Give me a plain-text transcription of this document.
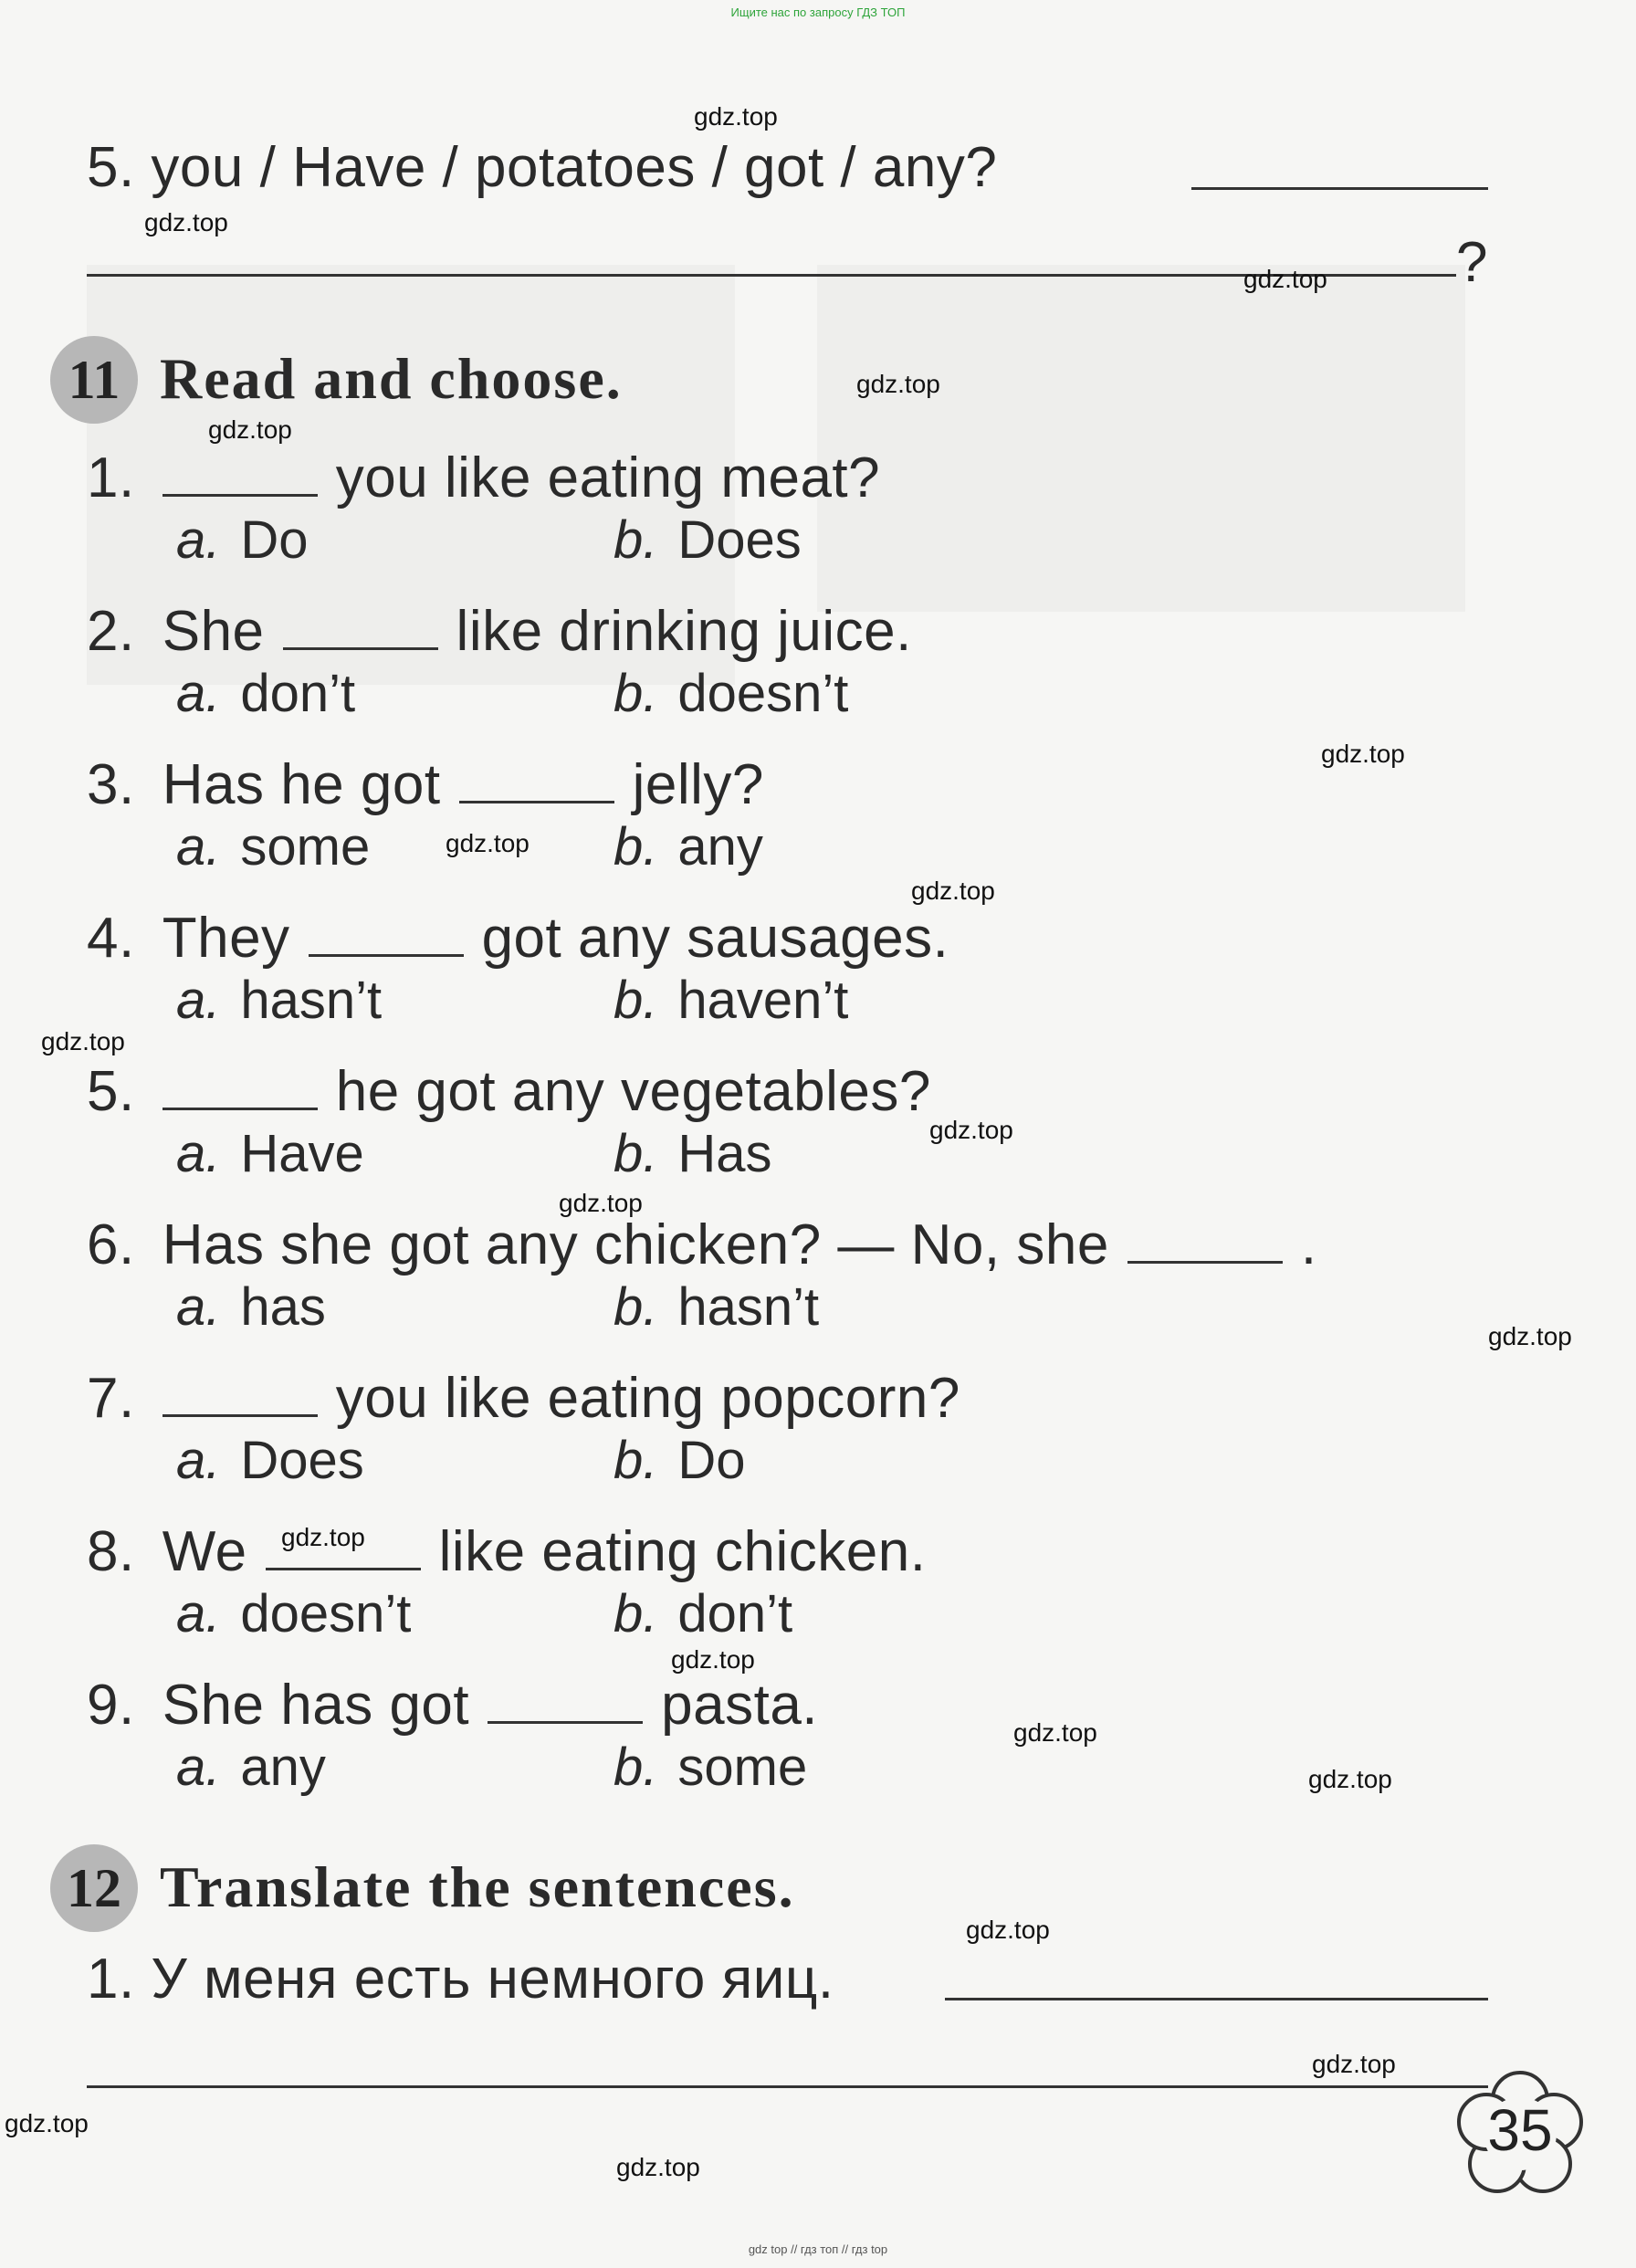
Ищите нас по запросу ГДЗ ТОП
5. you / Have / potatoes / got / any?
?
11 Read and choose.
1.	you like eating meat?
a. Do	b. Does
2. She	like drinking juice.
a. don’t	b. doesn’t
3. Has he got	jelly?
a. some	b. any
4. They	got any sausages.
a. hasn’t	b. haven’t
5.	he got any vegetables?
a. Have	b. Has
6. Has she got any chicken? — No, she	.
a. has	b. hasn’t
7.	you like eating popcorn?
a. Does	b. Do
8. We	like eating chicken.
a. doesn’t	b. don’t
9. She has got	pasta.
a. any	b. some
12 Translate the sentences.
1. У меня есть немного яиц.
35
gdz.top
gdz.top
gdz.top
gdz.top
gdz.top
gdz.top
gdz.top
gdz.top
gdz.top
gdz.top
gdz.top
gdz.top
gdz.top
gdz.top
gdz.top
gdz.top
gdz.top
gdz.top
gdz.top
gdz.top
gdz top // гдз топ // гдз top
